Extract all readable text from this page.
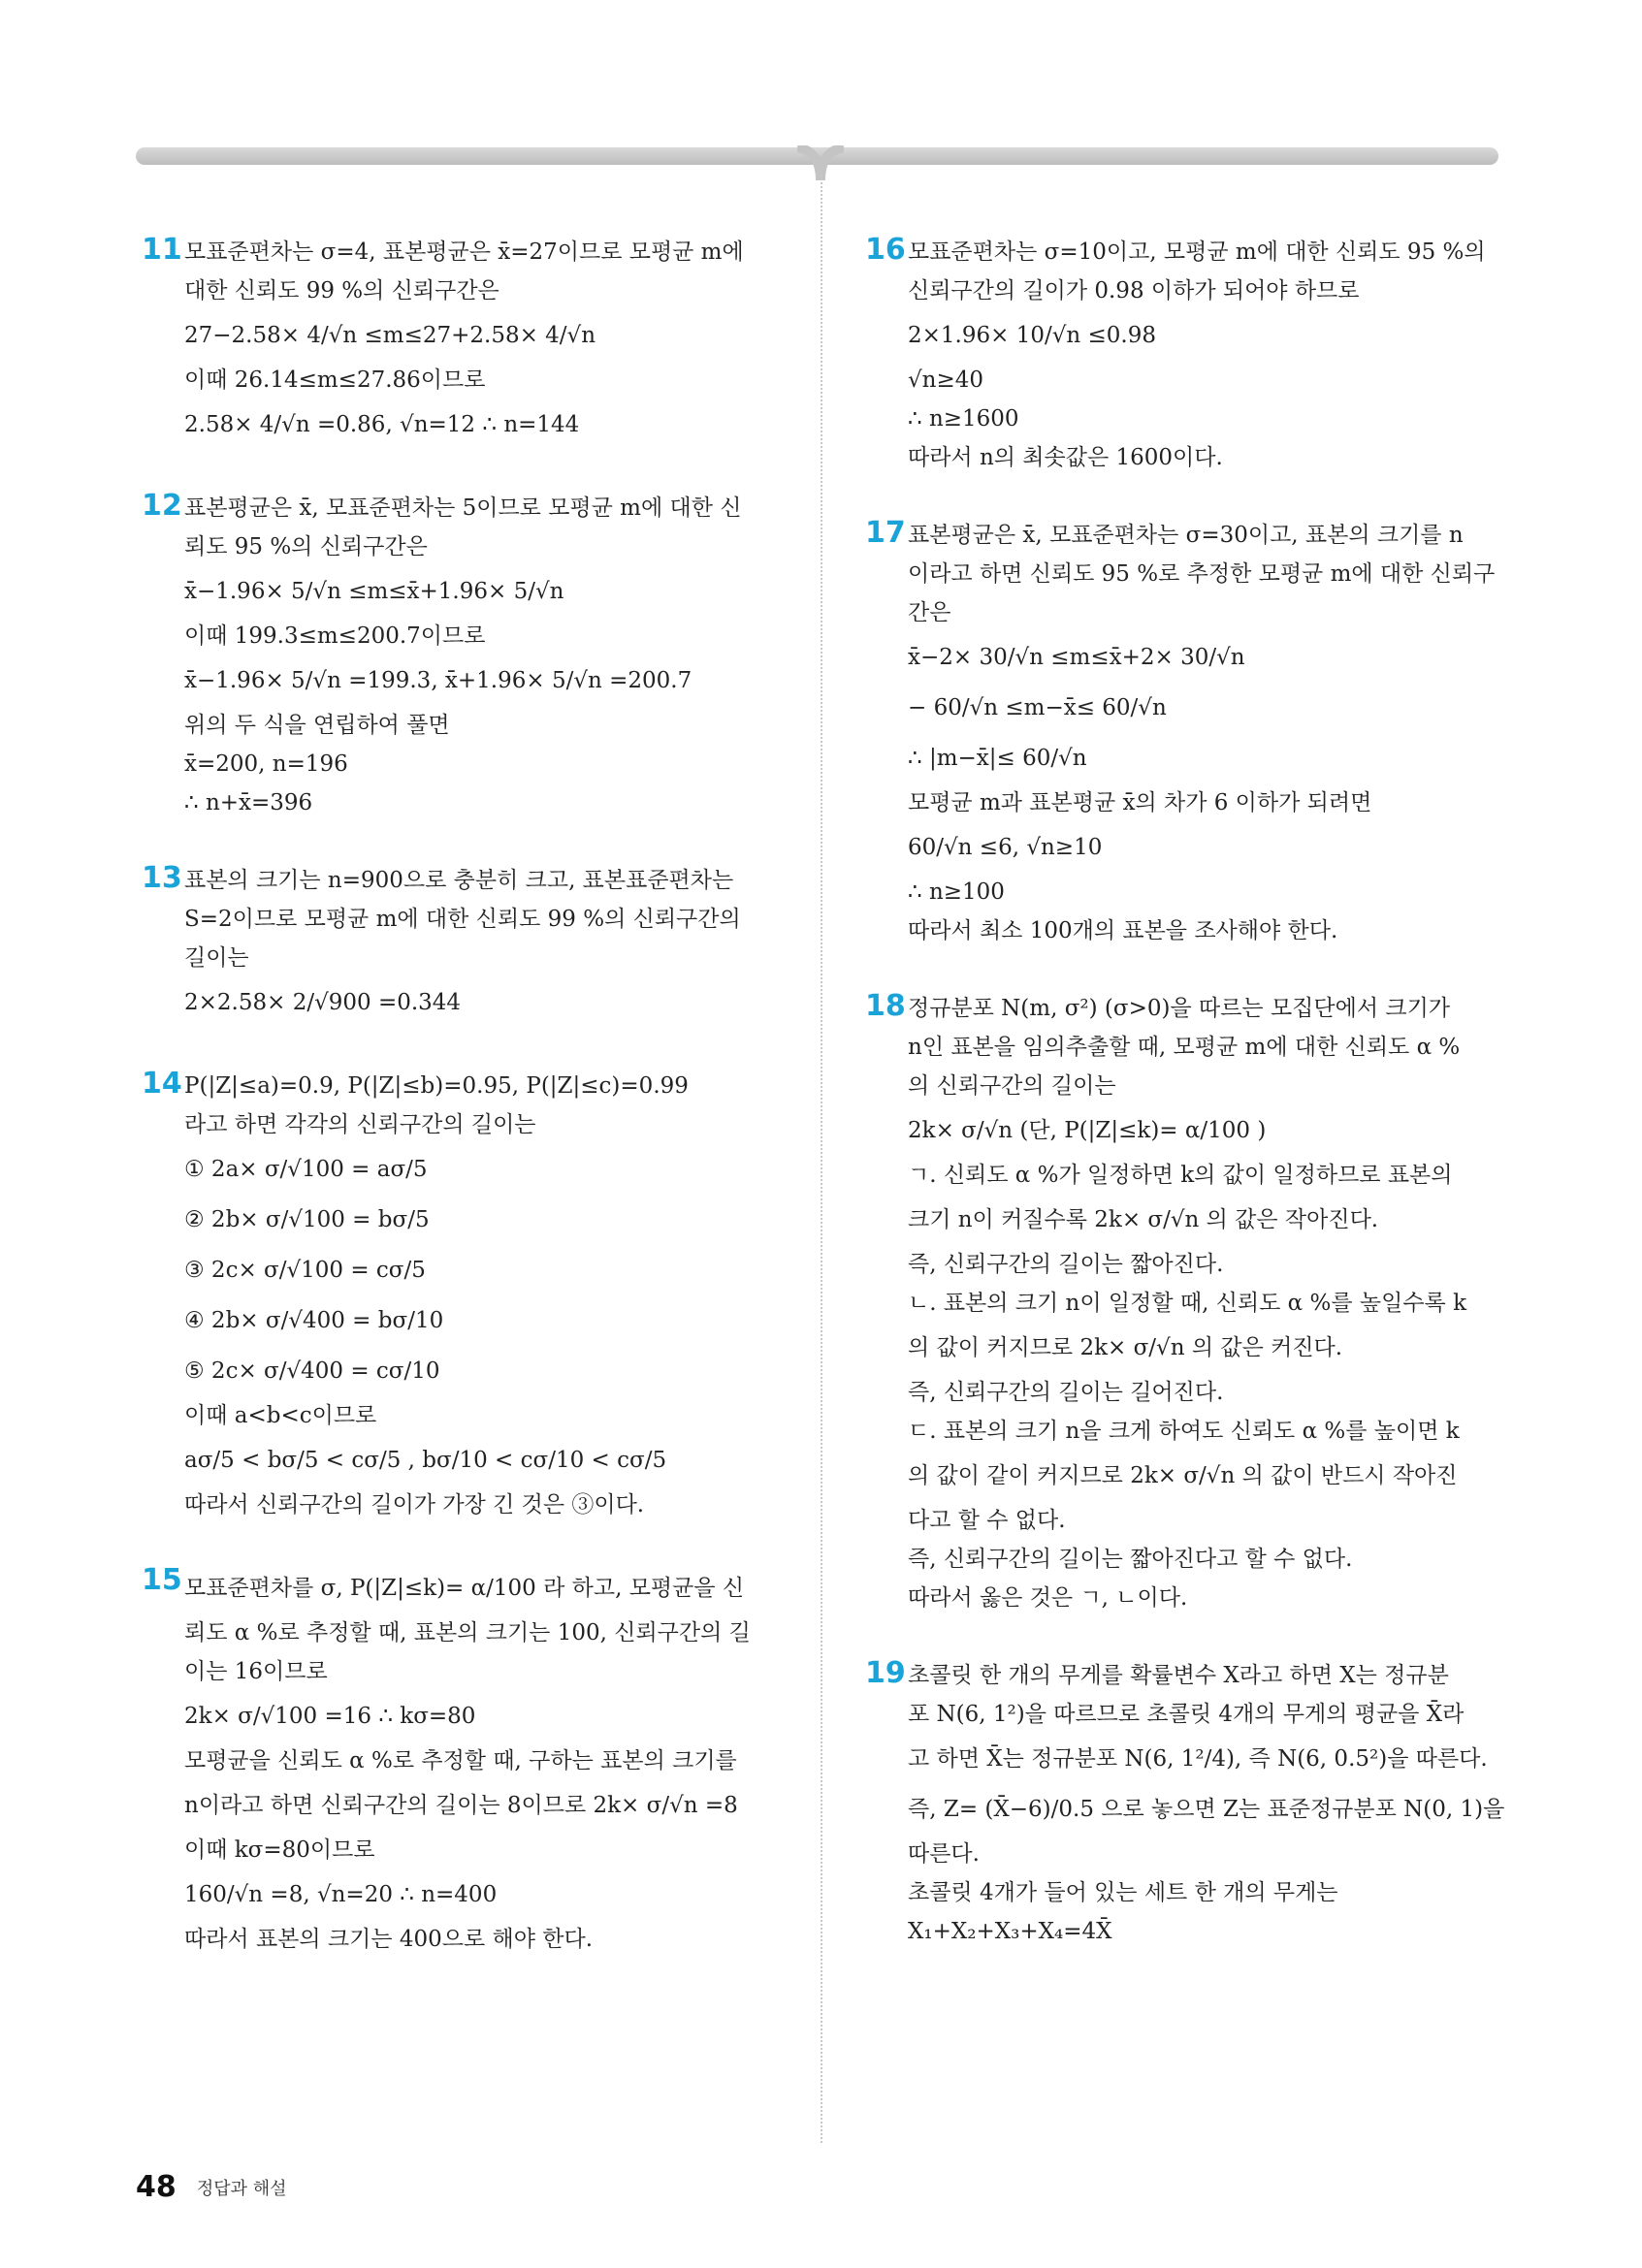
11 모표준편차는 σ=4, 표본평균은 x̄=27이므로 모평균 m에
대한 신뢰도 99 %의 신뢰구간은
27−2.58× 4/√n ≤m≤27+2.58× 4/√n
이때 26.14≤m≤27.86이므로
2.58× 4/√n =0.86, √n=12 ∴ n=144
12 표본평균은 x̄, 모표준편차는 5이므로 모평균 m에 대한 신
뢰도 95 %의 신뢰구간은
x̄−1.96× 5/√n ≤m≤x̄+1.96× 5/√n
이때 199.3≤m≤200.7이므로
x̄−1.96× 5/√n =199.3, x̄+1.96× 5/√n =200.7
위의 두 식을 연립하여 풀면
x̄=200, n=196
∴ n+x̄=396
13 표본의 크기는 n=900으로 충분히 크고, 표본표준편차는
S=2이므로 모평균 m에 대한 신뢰도 99 %의 신뢰구간의
길이는
2×2.58× 2/√900 =0.344
14 P(|Z|≤a)=0.9, P(|Z|≤b)=0.95, P(|Z|≤c)=0.99
라고 하면 각각의 신뢰구간의 길이는
① 2a× σ/√100 = aσ/5
② 2b× σ/√100 = bσ/5
③ 2c× σ/√100 = cσ/5
④ 2b× σ/√400 = bσ/10
⑤ 2c× σ/√400 = cσ/10
이때 a<b<c이므로
aσ/5 < bσ/5 < cσ/5 , bσ/10 < cσ/10 < cσ/5
따라서 신뢰구간의 길이가 가장 긴 것은 ③이다.
15 모표준편차를 σ, P(|Z|≤k)= α/100 라 하고, 모평균을 신
뢰도 α %로 추정할 때, 표본의 크기는 100, 신뢰구간의 길
이는 16이므로
2k× σ/√100 =16 ∴ kσ=80
모평균을 신뢰도 α %로 추정할 때, 구하는 표본의 크기를
n이라고 하면 신뢰구간의 길이는 8이므로 2k× σ/√n =8
이때 kσ=80이므로
160/√n =8, √n=20 ∴ n=400
따라서 표본의 크기는 400으로 해야 한다.
16 모표준편차는 σ=10이고, 모평균 m에 대한 신뢰도 95 %의
신뢰구간의 길이가 0.98 이하가 되어야 하므로
2×1.96× 10/√n ≤0.98
√n≥40
∴ n≥1600
따라서 n의 최솟값은 1600이다.
17 표본평균은 x̄, 모표준편차는 σ=30이고, 표본의 크기를 n
이라고 하면 신뢰도 95 %로 추정한 모평균 m에 대한 신뢰구
간은
x̄−2× 30/√n ≤m≤x̄+2× 30/√n
− 60/√n ≤m−x̄≤ 60/√n
∴ |m−x̄|≤ 60/√n
모평균 m과 표본평균 x̄의 차가 6 이하가 되려면
60/√n ≤6, √n≥10
∴ n≥100
따라서 최소 100개의 표본을 조사해야 한다.
18 정규분포 N(m, σ²) (σ>0)을 따르는 모집단에서 크기가
n인 표본을 임의추출할 때, 모평균 m에 대한 신뢰도 α %
의 신뢰구간의 길이는
2k× σ/√n (단, P(|Z|≤k)= α/100 )
ㄱ. 신뢰도 α %가 일정하면 k의 값이 일정하므로 표본의
크기 n이 커질수록 2k× σ/√n 의 값은 작아진다.
즉, 신뢰구간의 길이는 짧아진다.
ㄴ. 표본의 크기 n이 일정할 때, 신뢰도 α %를 높일수록 k
의 값이 커지므로 2k× σ/√n 의 값은 커진다.
즉, 신뢰구간의 길이는 길어진다.
ㄷ. 표본의 크기 n을 크게 하여도 신뢰도 α %를 높이면 k
의 값이 같이 커지므로 2k× σ/√n 의 값이 반드시 작아진
다고 할 수 없다.
즉, 신뢰구간의 길이는 짧아진다고 할 수 없다.
따라서 옳은 것은 ㄱ, ㄴ이다.
19 초콜릿 한 개의 무게를 확률변수 X라고 하면 X는 정규분
포 N(6, 1²)을 따르므로 초콜릿 4개의 무게의 평균을 X̄라
고 하면 X̄는 정규분포 N(6, 1²/4), 즉 N(6, 0.5²)을 따른다.
즉, Z= (X̄−6)/0.5 으로 놓으면 Z는 표준정규분포 N(0, 1)을
따른다.
초콜릿 4개가 들어 있는 세트 한 개의 무게는
X₁+X₂+X₃+X₄=4X̄
48 정답과 해설
